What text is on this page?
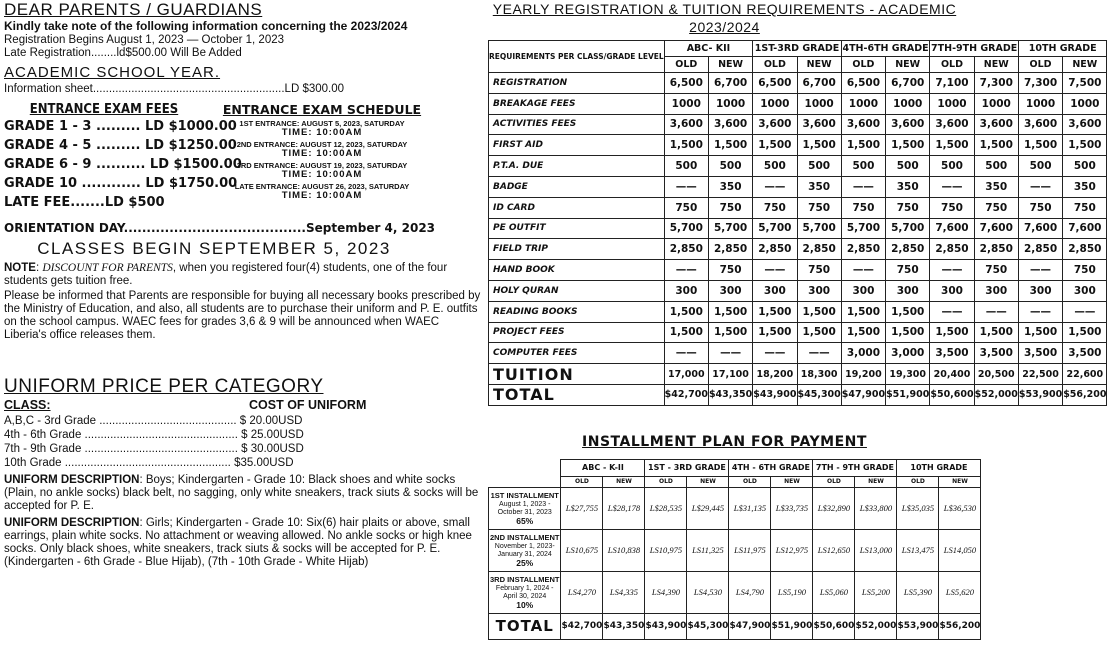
DEAR PARENTS / GUARDIANS
Kindly take note of the following information concerning the 2023/2024
Registration Begins August 1, 2023 — October 1, 2023
Late Registration........ld$500.00 Will Be Added
ACADEMIC SCHOOL YEAR.
Information sheet............................................................LD $300.00
ENTRANCE EXAM FEES
GRADE 1 - 3 ......... LD $1000.00
GRADE 4 - 5 ......... LD $1250.00
GRADE 6 - 9 .......... LD $1500.00
GRADE 10 ............ LD $1750.00
LATE FEE.......LD $500
ENTRANCE EXAM SCHEDULE
1ST ENTRANCE: AUGUST 5, 2023, SATURDAY
TIME: 10:00AM
2ND ENTRANCE: AUGUST 12, 2023, SATURDAY
TIME: 10:00AM
3RD ENTRANCE: AUGUST 19, 2023, SATURDAY
TIME: 10:00AM
LATE ENTRANCE: AUGUST 26, 2023, SATURDAY
TIME: 10:00AM
ORIENTATION DAY........................................September 4, 2023
CLASSES BEGIN SEPTEMBER 5, 2023
NOTE: DISCOUNT FOR PARENTS, when you registered four(4) students, one of the four students gets tuition free.
Please be informed that Parents are responsible for buying all necessary books prescribed by the Ministry of Education, and also, all students are to purchase their uniform and P. E. outfits on the school campus. WAEC fees for grades 3,6 & 9 will be announced when WAEC Liberia's office releases them.
UNIFORM PRICE PER CATEGORY
CLASS:	COST OF UNIFORM
A,B,C - 3rd Grade ........................................... $ 20.00USD
4th - 6th Grade ................................................ $ 25.00USD
7th - 9th Grade ................................................ $ 30.00USD
10th Grade .................................................... $35.00USD
UNIFORM DESCRIPTION: Boys; Kindergarten - Grade 10: Black shoes and white socks (Plain, no ankle socks) black belt, no sagging, only white sneakers, track siuts & socks will be accepted for P. E.
UNIFORM DESCRIPTION: Girls; Kindergarten - Grade 10: Six(6) hair plaits or above, small earrings, plain white socks. No attachment or weaving allowed. No ankle socks or high knee socks. Only black shoes, white sneakers, track siuts & socks will be accepted for P. E. (Kindergarten - 6th Grade - Blue Hijab), (7th - 10th Grade - White Hijab)
YEARLY REGISTRATION & TUITION REQUIREMENTS - ACADEMIC 2023/2024
REQUIREMENTS PER CLASS/GRADE LEVEL	ABC- KII		1ST-3RD GRADE		4TH-6TH GRADE		7TH-9TH GRADE		10TH GRADE	
	OLD	NEW	OLD	NEW	OLD	NEW	OLD	NEW	OLD	NEW
REGISTRATION	6,500	6,700	6,500	6,700	6,500	6,700	7,100	7,300	7,300	7,500
BREAKAGE FEES	1000	1000	1000	1000	1000	1000	1000	1000	1000	1000
ACTIVITIES FEES	3,600	3,600	3,600	3,600	3,600	3,600	3,600	3,600	3,600	3,600
FIRST AID	1,500	1,500	1,500	1,500	1,500	1,500	1,500	1,500	1,500	1,500
P.T.A. DUE	500	500	500	500	500	500	500	500	500	500
BADGE	——	350	——	350	——	350	——	350	——	350
ID CARD	750	750	750	750	750	750	750	750	750	750
PE OUTFIT	5,700	5,700	5,700	5,700	5,700	5,700	7,600	7,600	7,600	7,600
FIELD TRIP	2,850	2,850	2,850	2,850	2,850	2,850	2,850	2,850	2,850	2,850
HAND BOOK	——	750	——	750	——	750	——	750	——	750
HOLY QURAN	300	300	300	300	300	300	300	300	300	300
READING BOOKS	1,500	1,500	1,500	1,500	1,500	1,500	——	——	——	——
PROJECT FEES	1,500	1,500	1,500	1,500	1,500	1,500	1,500	1,500	1,500	1,500
COMPUTER FEES	——	——	——	——	3,000	3,000	3,500	3,500	3,500	3,500
TUITION	17,000	17,100	18,200	18,300	19,200	19,300	20,400	20,500	22,500	22,600
TOTAL	$42,700	$43,350	$43,900	$45,300	$47,900	$51,900	$50,600	$52,000	$53,900	$56,200
INSTALLMENT PLAN FOR PAYMENT
	ABC - K-II		1ST - 3RD GRADE		4TH - 6TH GRADE		7TH - 9TH GRADE		10TH GRADE	
	OLD	NEW	OLD	NEW	OLD	NEW	OLD	NEW	OLD	NEW
1ST INSTALLMENT
August 1, 2023 - October 31, 2023
65%	L$27,755	L$28,178	L$28,535	L$29,445	L$31,135	L$33,735	L$32,890	L$33,800	L$35,035	L$36,530
2ND INSTALLMENT
November 1, 2023- January 31, 2024
25%	LS10,675	LS10,838	LS10,975	LS11,325	LS11,975	LS12,975	LS12,650	LS13,000	LS13,475	LS14,050
3RD INSTALLMENT
February 1, 2024 - April 30, 2024
10%	LS4,270	LS4,335	LS4,390	LS4,530	LS4,790	LS5,190	LS5,060	LS5,200	LS5,390	LS5,620
TOTAL	$42,700	$43,350	$43,900	$45,300	$47,900	$51,900	$50,600	$52,000	$53,900	$56,200
